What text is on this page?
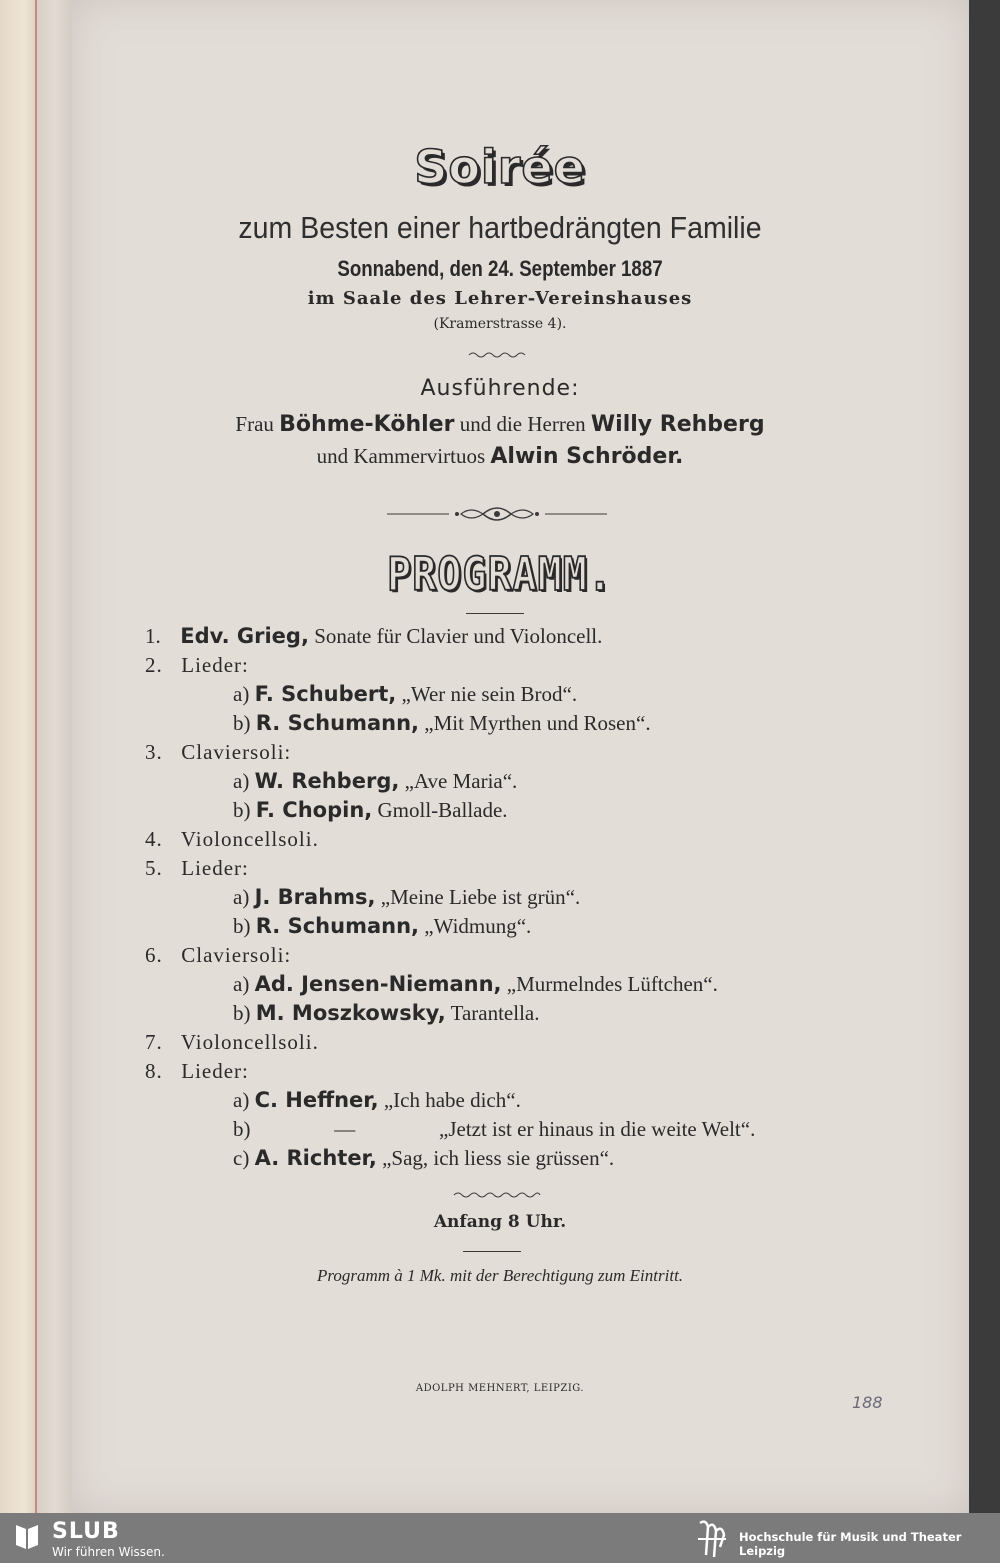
Soirée
zum Besten einer hartbedrängten Familie
Sonnabend, den 24. September 1887
im Saale des Lehrer-Vereinshauses
(Kramerstrasse 4).
Ausführende:
Frau Böhme-Köhler und die Herren Willy Rehberg
und Kammervirtuos Alwin Schröder.
PROGRAMM.
1. Edv. Grieg, Sonate für Clavier und Violoncell.
2. Lieder:
a) F. Schubert, „Wer nie sein Brod“.
b) R. Schumann, „Mit Myrthen und Rosen“.
3. Claviersoli:
a) W. Rehberg, „Ave Maria“.
b) F. Chopin, Gmoll-Ballade.
4. Violoncellsoli.
5. Lieder:
a) J. Brahms, „Meine Liebe ist grün“.
b) R. Schumann, „Widmung“.
6. Claviersoli:
a) Ad. Jensen-Niemann, „Murmelndes Lüftchen“.
b) M. Moszkowsky, Tarantella.
7. Violoncellsoli.
8. Lieder:
a) C. Heffner, „Ich habe dich“.
b)	—	„Jetzt ist er hinaus in die weite Welt“.
c) A. Richter, „Sag, ich liess sie grüssen“.
Anfang 8 Uhr.
Programm à 1 Mk. mit der Berechtigung zum Eintritt.
ADOLPH MEHNERT, LEIPZIG.
188
SLUB
Wir führen Wissen.
Hochschule für Musik und Theater Leipzig
